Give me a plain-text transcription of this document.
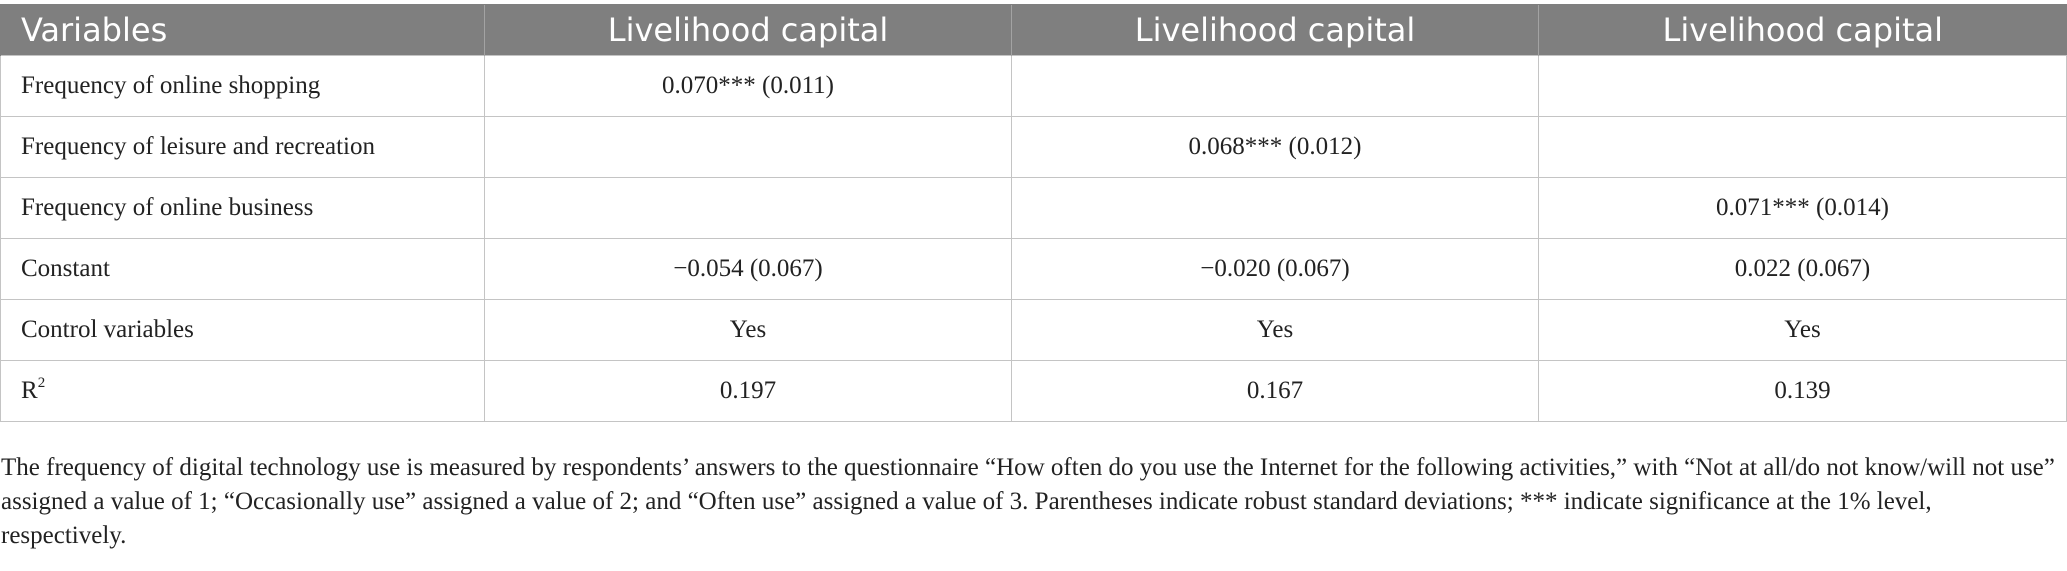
Variables	Livelihood capital	Livelihood capital	Livelihood capital
Frequency of online shopping	0.070*** (0.011)		
Frequency of leisure and recreation		0.068*** (0.012)	
Frequency of online business			0.071*** (0.014)
Constant	−0.054 (0.067)	−0.020 (0.067)	0.022 (0.067)
Control variables	Yes	Yes	Yes
$R^2$	0.197	0.167	0.139
The frequency of digital technology use is measured by respondents’ answers to the questionnaire “How often do you use the Internet for the following activities,” with “Not at all/do not know/will not use” assigned a value of 1; “Occasionally use” assigned a value of 2; and “Often use” assigned a value of 3. Parentheses indicate robust standard deviations; *** indicate significance at the 1% level, respectively.
